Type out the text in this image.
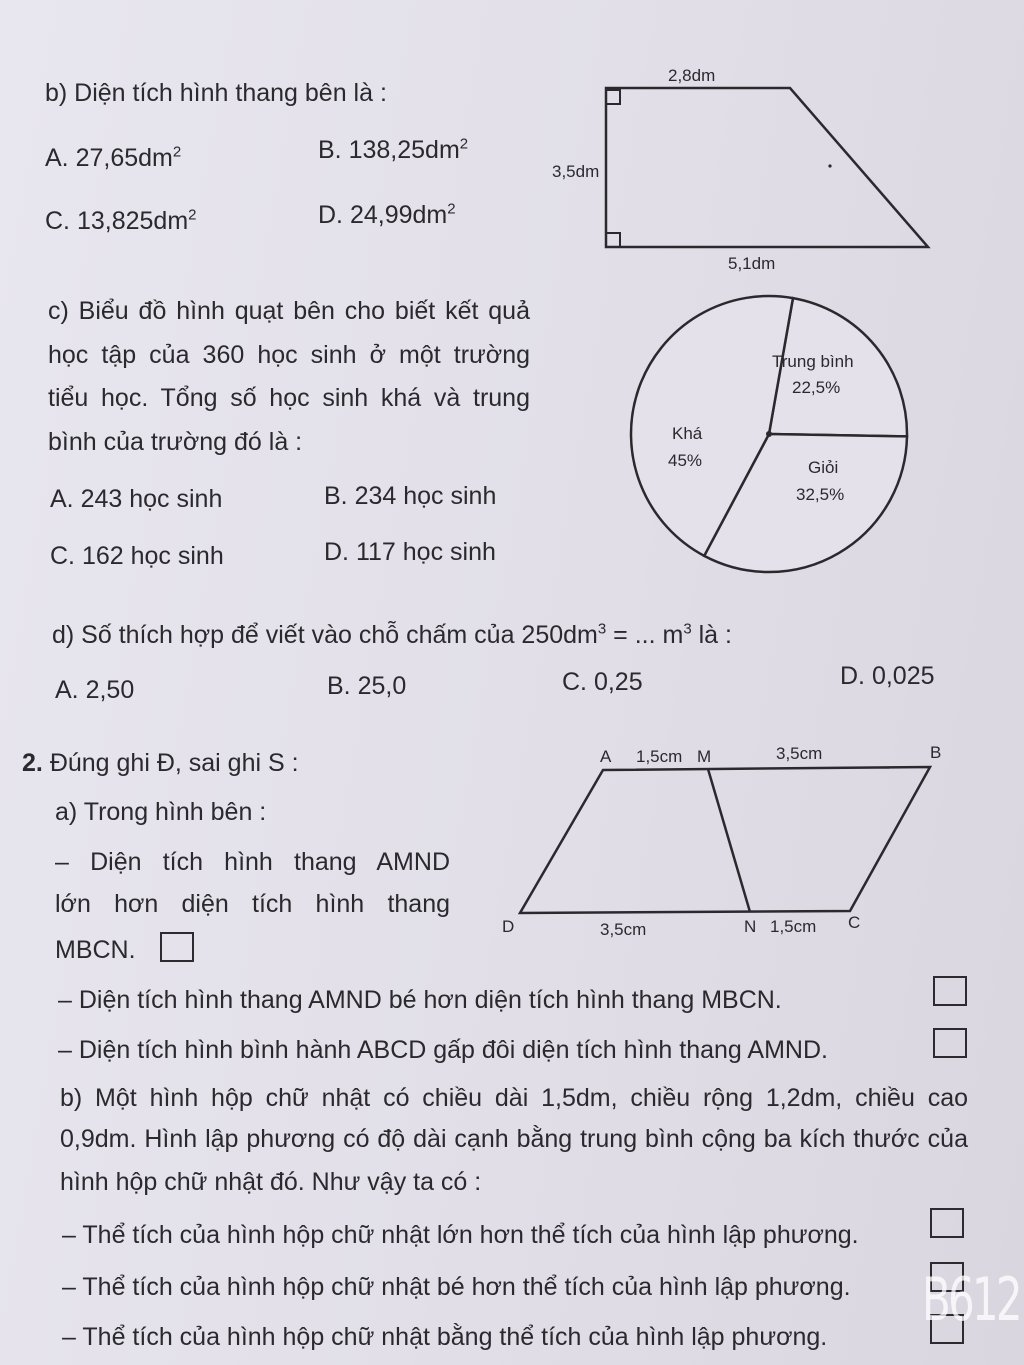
b) Diện tích hình thang bên là :
A. $27,65dm^2$	B. $138,25dm^2$
C. $13,825dm^2$	D. $24,99dm^2$
2,8dm
3,5dm
5,1dm
c) Biểu đồ hình quạt bên cho biết kết quả
học tập của 360 học sinh ở một trường
tiểu học. Tổng số học sinh khá và trung
bình của trường đó là :
A. 243 học sinh	B. 234 học sinh
C. 162 học sinh	D. 117 học sinh
Trung bình
22,5%
Giỏi
32,5%
Khá
45%
d) Số thích hợp để viết vào chỗ chấm của $250dm^3$ = ... $m^3$ là :
A. 2,50	B. 25,0	C. 0,25	D. 0,025
2. Đúng ghi Đ, sai ghi S :
a) Trong hình bên :
– Diện tích hình thang AMND
lớn hơn diện tích hình thang
MBCN.
A 1,5cm M	3,5cm	B
D	3,5cm	N 1,5cm C
– Diện tích hình thang AMND bé hơn diện tích hình thang MBCN.
– Diện tích hình bình hành ABCD gấp đôi diện tích hình thang AMND.
b) Một hình hộp chữ nhật có chiều dài 1,5dm, chiều rộng 1,2dm, chiều cao
0,9dm. Hình lập phương có độ dài cạnh bằng trung bình cộng ba kích thước của
hình hộp chữ nhật đó. Như vậy ta có :
– Thể tích của hình hộp chữ nhật lớn hơn thể tích của hình lập phương.
– Thể tích của hình hộp chữ nhật bé hơn thể tích của hình lập phương.
– Thể tích của hình hộp chữ nhật bằng thể tích của hình lập phương.
B612
